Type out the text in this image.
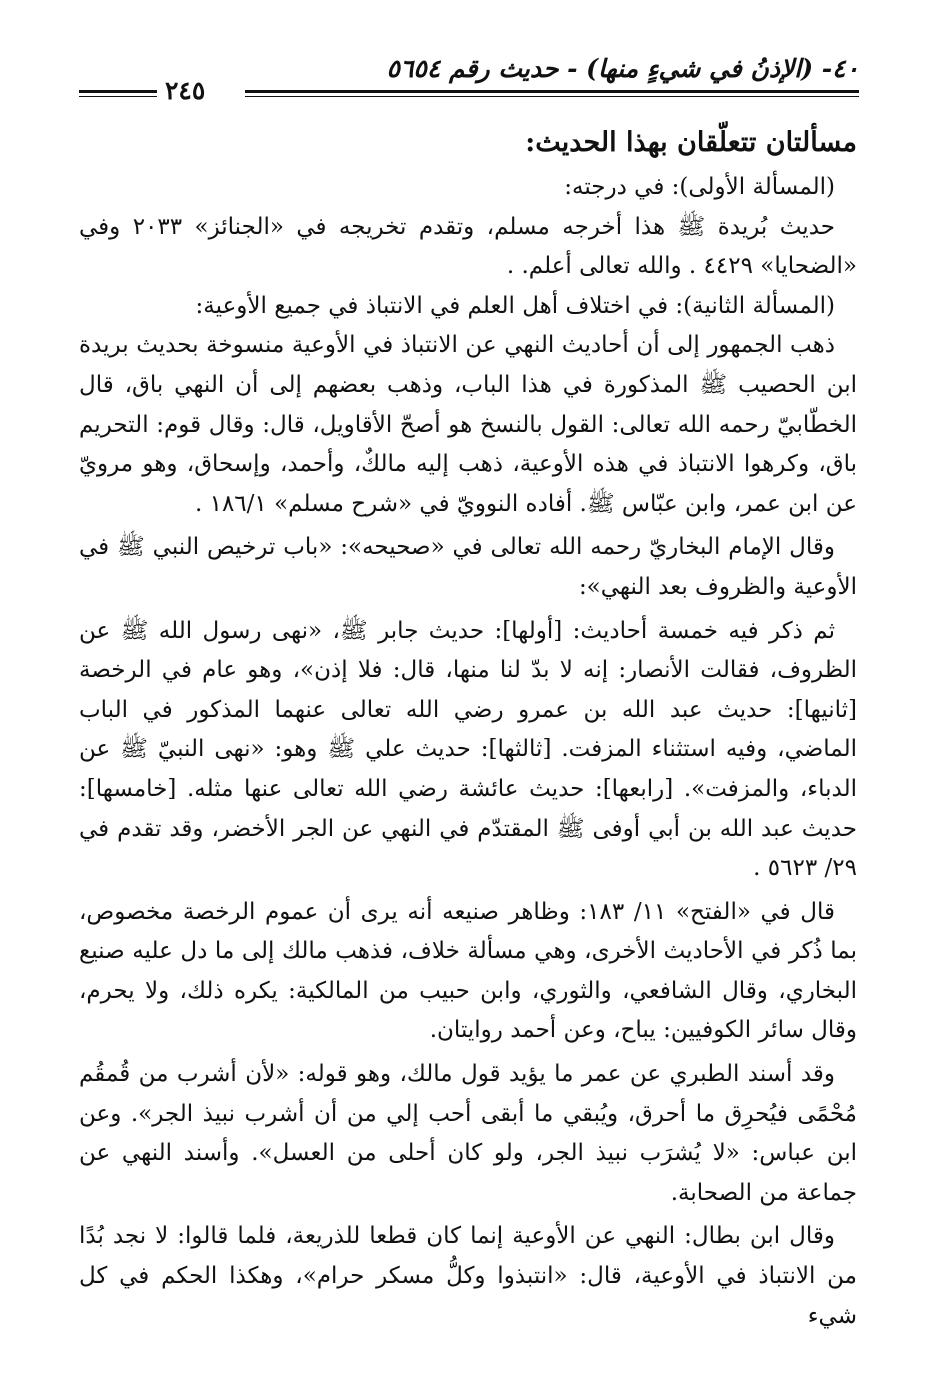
٤٠- (الإذنُ في شيءٍ منها) - حديث رقم ٥٦٥٤
٢٤٥
مسألتان تتعلّقان بهذا الحديث:

(المسألة الأولى): في درجته:

حديث بُريدة ﷺ هذا أخرجه مسلم، وتقدم تخريجه في «الجنائز» ٢٠٣٣ وفي «الضحايا» ٤٤٢٩ . والله تعالى أعلم. .

(المسألة الثانية): في اختلاف أهل العلم في الانتباذ في جميع الأوعية:

ذهب الجمهور إلى أن أحاديث النهي عن الانتباذ في الأوعية منسوخة بحديث بريدة ابن الحصيب ﷺ المذكورة في هذا الباب، وذهب بعضهم إلى أن النهي باق، قال الخطّابيّ رحمه الله تعالى: القول بالنسخ هو أصحّ الأقاويل، قال: وقال قوم: التحريم باق، وكرهوا الانتباذ في هذه الأوعية، ذهب إليه مالكٌ، وأحمد، وإسحاق، وهو مرويّ عن ابن عمر، وابن عبّاس ﷺ. أفاده النوويّ في «شرح مسلم» ١٨٦/١ .

وقال الإمام البخاريّ رحمه الله تعالى في «صحيحه»: «باب ترخيص النبي ﷺ في الأوعية والظروف بعد النهي»:

ثم ذكر فيه خمسة أحاديث: [أولها]: حديث جابر ﷺ، «نهى رسول الله ﷺ عن الظروف، فقالت الأنصار: إنه لا بدّ لنا منها، قال: فلا إذن»، وهو عام في الرخصة [ثانيها]: حديث عبد الله بن عمرو رضي الله تعالى عنهما المذكور في الباب الماضي، وفيه استثناء المزفت. [ثالثها]: حديث علي ﷺ وهو: «نهى النبيّ ﷺ عن الدباء، والمزفت». [رابعها]: حديث عائشة رضي الله تعالى عنها مثله. [خامسها]: حديث عبد الله بن أبي أوفى ﷺ المقتدّم في النهي عن الجر الأخضر، وقد تقدم في ٢٩/ ٥٦٢٣ .

قال في «الفتح» ١١/ ١٨٣: وظاهر صنيعه أنه يرى أن عموم الرخصة مخصوص، بما ذُكر في الأحاديث الأخرى، وهي مسألة خلاف، فذهب مالك إلى ما دل عليه صنيع البخاري، وقال الشافعي، والثوري، وابن حبيب من المالكية: يكره ذلك، ولا يحرم، وقال سائر الكوفيين: يباح، وعن أحمد روايتان.

وقد أسند الطبري عن عمر ما يؤيد قول مالك، وهو قوله: «لأن أشرب من قُمقُم مُحْمًى فيُحرِق ما أحرق، ويُبقي ما أبقى أحب إلي من أن أشرب نبيذ الجر». وعن ابن عباس: «لا يُشرَب نبيذ الجر، ولو كان أحلى من العسل». وأسند النهي عن جماعة من الصحابة.

وقال ابن بطال: النهي عن الأوعية إنما كان قطعا للذريعة، فلما قالوا: لا نجد بُدًا من الانتباذ في الأوعية، قال: «انتبذوا وكلُّ مسكر حرام»، وهكذا الحكم في كل شيء
